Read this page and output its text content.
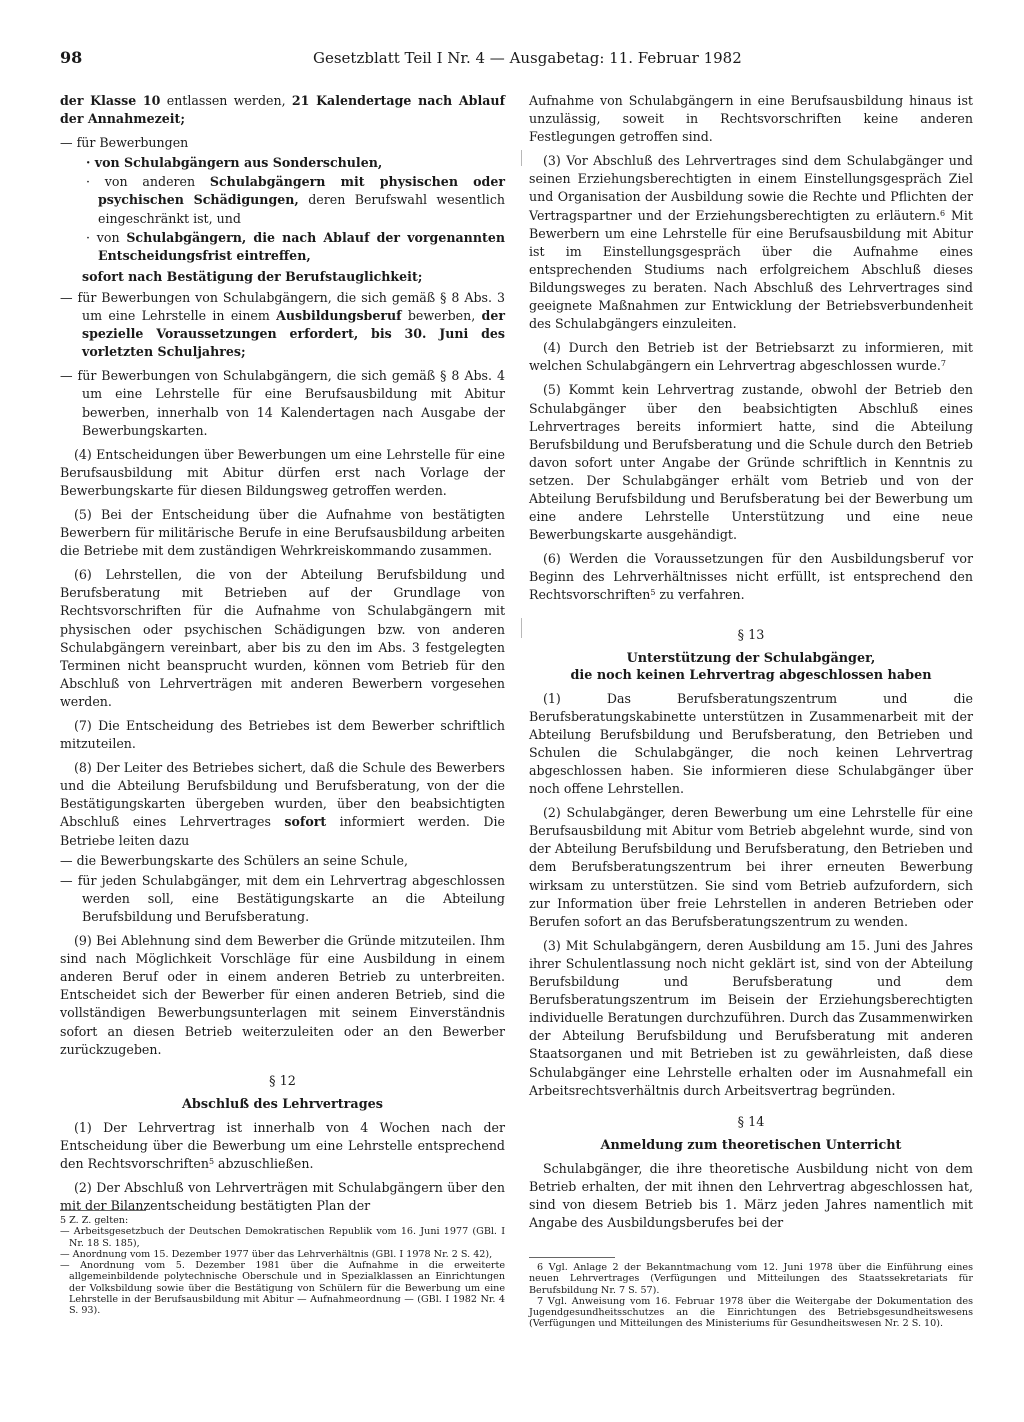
98	Gesetzblatt Teil I Nr. 4 — Ausgabetag: 11. Februar 1982

der Klasse 10 entlassen werden, 21 Kalendertage nach Ablauf der Annahmezeit;

— für Bewerbungen

· von Schulabgängern aus Sonderschulen,

· von anderen Schulabgängern mit physischen oder psychischen Schädigungen, deren Berufswahl wesentlich eingeschränkt ist, und

· von Schulabgängern, die nach Ablauf der vorgenannten Entscheidungsfrist eintreffen,

sofort nach Bestätigung der Berufstauglichkeit;

— für Bewerbungen von Schulabgängern, die sich gemäß § 8 Abs. 3 um eine Lehrstelle in einem Ausbildungsberuf bewerben, der spezielle Voraussetzungen erfordert, bis 30. Juni des vorletzten Schuljahres;

— für Bewerbungen von Schulabgängern, die sich gemäß § 8 Abs. 4 um eine Lehrstelle für eine Berufsausbildung mit Abitur bewerben, innerhalb von 14 Kalendertagen nach Ausgabe der Bewerbungskarten.

(4) Entscheidungen über Bewerbungen um eine Lehrstelle für eine Berufsausbildung mit Abitur dürfen erst nach Vorlage der Bewerbungskarte für diesen Bildungsweg getroffen werden.

(5) Bei der Entscheidung über die Aufnahme von bestätigten Bewerbern für militärische Berufe in eine Berufsausbildung arbeiten die Betriebe mit dem zuständigen Wehrkreiskommando zusammen.

(6) Lehrstellen, die von der Abteilung Berufsbildung und Berufsberatung mit Betrieben auf der Grundlage von Rechtsvorschriften für die Aufnahme von Schulabgängern mit physischen oder psychischen Schädigungen bzw. von anderen Schulabgängern vereinbart, aber bis zu den im Abs. 3 festgelegten Terminen nicht beansprucht wurden, können vom Betrieb für den Abschluß von Lehrverträgen mit anderen Bewerbern vorgesehen werden.

(7) Die Entscheidung des Betriebes ist dem Bewerber schriftlich mitzuteilen.

(8) Der Leiter des Betriebes sichert, daß die Schule des Bewerbers und die Abteilung Berufsbildung und Berufsberatung, von der die Bestätigungskarten übergeben wurden, über den beabsichtigten Abschluß eines Lehrvertrages sofort informiert werden. Die Betriebe leiten dazu

— die Bewerbungskarte des Schülers an seine Schule,

— für jeden Schulabgänger, mit dem ein Lehrvertrag abgeschlossen werden soll, eine Bestätigungskarte an die Abteilung Berufsbildung und Berufsberatung.

(9) Bei Ablehnung sind dem Bewerber die Gründe mitzuteilen. Ihm sind nach Möglichkeit Vorschläge für eine Ausbildung in einem anderen Beruf oder in einem anderen Betrieb zu unterbreiten. Entscheidet sich der Bewerber für einen anderen Betrieb, sind die vollständigen Bewerbungsunterlagen mit seinem Einverständnis sofort an diesen Betrieb weiterzuleiten oder an den Bewerber zurückzugeben.

§ 12
Abschluß des Lehrvertrages

(1) Der Lehrvertrag ist innerhalb von 4 Wochen nach der Entscheidung über die Bewerbung um eine Lehrstelle entsprechend den Rechtsvorschriften$^5$ abzuschließen.

(2) Der Abschluß von Lehrverträgen mit Schulabgängern über den mit der Bilanzentscheidung bestätigten Plan der

Aufnahme von Schulabgängern in eine Berufsausbildung hinaus ist unzulässig, soweit in Rechtsvorschriften keine anderen Festlegungen getroffen sind.

(3) Vor Abschluß des Lehrvertrages sind dem Schulabgänger und seinen Erziehungsberechtigten in einem Einstellungsgespräch Ziel und Organisation der Ausbildung sowie die Rechte und Pflichten der Vertragspartner und der Erziehungsberechtigten zu erläutern.$^6$ Mit Bewerbern um eine Lehrstelle für eine Berufsausbildung mit Abitur ist im Einstellungsgespräch über die Aufnahme eines entsprechenden Studiums nach erfolgreichem Abschluß dieses Bildungsweges zu beraten. Nach Abschluß des Lehrvertrages sind geeignete Maßnahmen zur Entwicklung der Betriebsverbundenheit des Schulabgängers einzuleiten.

(4) Durch den Betrieb ist der Betriebsarzt zu informieren, mit welchen Schulabgängern ein Lehrvertrag abgeschlossen wurde.$^7$

(5) Kommt kein Lehrvertrag zustande, obwohl der Betrieb den Schulabgänger über den beabsichtigten Abschluß eines Lehrvertrages bereits informiert hatte, sind die Abteilung Berufsbildung und Berufsberatung und die Schule durch den Betrieb davon sofort unter Angabe der Gründe schriftlich in Kenntnis zu setzen. Der Schulabgänger erhält vom Betrieb und von der Abteilung Berufsbildung und Berufsberatung bei der Bewerbung um eine andere Lehrstelle Unterstützung und eine neue Bewerbungskarte ausgehändigt.

(6) Werden die Voraussetzungen für den Ausbildungsberuf vor Beginn des Lehrverhältnisses nicht erfüllt, ist entsprechend den Rechtsvorschriften$^5$ zu verfahren.

§ 13
Unterstützung der Schulabgänger,
die noch keinen Lehrvertrag abgeschlossen haben

(1) Das Berufsberatungszentrum und die Berufsberatungskabinette unterstützen in Zusammenarbeit mit der Abteilung Berufsbildung und Berufsberatung, den Betrieben und Schulen die Schulabgänger, die noch keinen Lehrvertrag abgeschlossen haben. Sie informieren diese Schulabgänger über noch offene Lehrstellen.

(2) Schulabgänger, deren Bewerbung um eine Lehrstelle für eine Berufsausbildung mit Abitur vom Betrieb abgelehnt wurde, sind von der Abteilung Berufsbildung und Berufsberatung, den Betrieben und dem Berufsberatungszentrum bei ihrer erneuten Bewerbung wirksam zu unterstützen. Sie sind vom Betrieb aufzufordern, sich zur Information über freie Lehrstellen in anderen Betrieben oder Berufen sofort an das Berufsberatungszentrum zu wenden.

(3) Mit Schulabgängern, deren Ausbildung am 15. Juni des Jahres ihrer Schulentlassung noch nicht geklärt ist, sind von der Abteilung Berufsbildung und Berufsberatung und dem Berufsberatungszentrum im Beisein der Erziehungsberechtigten individuelle Beratungen durchzuführen. Durch das Zusammenwirken der Abteilung Berufsbildung und Berufsberatung mit anderen Staatsorganen und mit Betrieben ist zu gewährleisten, daß diese Schulabgänger eine Lehrstelle erhalten oder im Ausnahmefall ein Arbeitsrechtsverhältnis durch Arbeitsvertrag begründen.

§ 14
Anmeldung zum theoretischen Unterricht

Schulabgänger, die ihre theoretische Ausbildung nicht von dem Betrieb erhalten, der mit ihnen den Lehrvertrag abgeschlossen hat, sind von diesem Betrieb bis 1. März jeden Jahres namentlich mit Angabe des Ausbildungsberufes bei der

5 Z. Z. gelten:

— Arbeitsgesetzbuch der Deutschen Demokratischen Republik vom 16. Juni 1977 (GBl. I Nr. 18 S. 185),

— Anordnung vom 15. Dezember 1977 über das Lehrverhältnis (GBl. I 1978 Nr. 2 S. 42),

— Anordnung vom 5. Dezember 1981 über die Aufnahme in die erweiterte allgemeinbildende polytechnische Oberschule und in Spezialklassen an Einrichtungen der Volksbildung sowie über die Bestätigung von Schülern für die Bewerbung um eine Lehrstelle in der Berufsausbildung mit Abitur — Aufnahmeordnung — (GBl. I 1982 Nr. 4 S. 93).

6 Vgl. Anlage 2 der Bekanntmachung vom 12. Juni 1978 über die Einführung eines neuen Lehrvertrages (Verfügungen und Mitteilungen des Staatssekretariats für Berufsbildung Nr. 7 S. 57).

7 Vgl. Anweisung vom 16. Februar 1978 über die Weitergabe der Dokumentation des Jugendgesundheitsschutzes an die Einrichtungen des Betriebsgesundheitswesens (Verfügungen und Mitteilungen des Ministeriums für Gesundheitswesen Nr. 2 S. 10).
